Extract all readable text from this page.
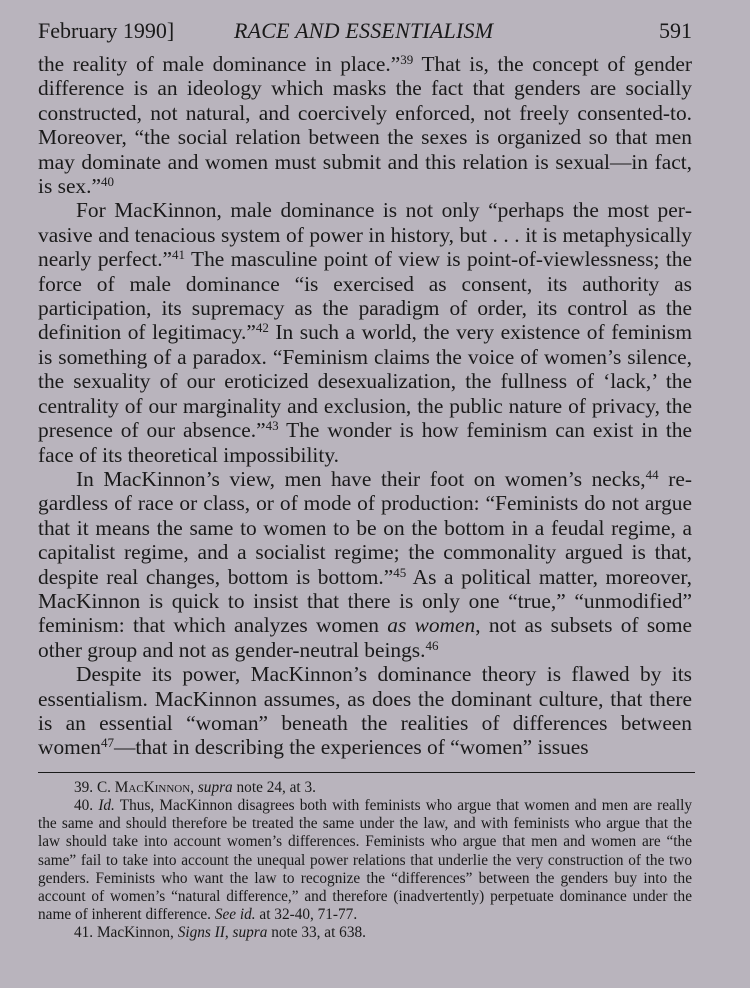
February 1990]	RACE AND ESSENTIALISM	591

the reality of male dominance in place.”$^{39}$ That is, the concept of gender difference is an ideology which masks the fact that genders are socially constructed, not natural, and coercively enforced, not freely consented-to. Moreover, “the social relation between the sexes is organized so that men may dominate and women must submit and this relation is sexual—in fact, is sex.”$^{40}$

For MacKinnon, male dominance is not only “perhaps the most pervasive and tenacious system of power in history, but . . . it is metaphysically nearly perfect.”$^{41}$ The masculine point of view is point-of-viewlessness; the force of male dominance “is exercised as consent, its authority as participation, its supremacy as the paradigm of order, its control as the definition of legitimacy.”$^{42}$ In such a world, the very existence of feminism is something of a paradox. “Feminism claims the voice of women’s silence, the sexuality of our eroticized desexualization, the fullness of ‘lack,’ the centrality of our marginality and exclusion, the public nature of privacy, the presence of our absence.”$^{43}$ The wonder is how feminism can exist in the face of its theoretical impossibility.

In MacKinnon’s view, men have their foot on women’s necks,$^{44}$ regardless of race or class, or of mode of production: “Feminists do not argue that it means the same to women to be on the bottom in a feudal regime, a capitalist regime, and a socialist regime; the commonality argued is that, despite real changes, bottom is bottom.”$^{45}$ As a political matter, moreover, MacKinnon is quick to insist that there is only one “true,” “unmodified” feminism: that which analyzes women as women, not as subsets of some other group and not as gender-neutral beings.$^{46}$

Despite its power, MacKinnon’s dominance theory is flawed by its essentialism. MacKinnon assumes, as does the dominant culture, that there is an essential “woman” beneath the realities of differences between women$^{47}$—that in describing the experiences of “women” issues

39. C. MacKinnon, supra note 24, at 3.

40. Id. Thus, MacKinnon disagrees both with feminists who argue that women and men are really the same and should therefore be treated the same under the law, and with feminists who argue that the law should take into account women’s differences. Feminists who argue that men and women are “the same” fail to take into account the unequal power relations that underlie the very construction of the two genders. Feminists who want the law to recognize the “differences” between the genders buy into the account of women’s “natural difference,” and therefore (inadvertently) perpetuate dominance under the name of inherent difference. See id. at 32-40, 71-77.

41. MacKinnon, Signs II, supra note 33, at 638.
